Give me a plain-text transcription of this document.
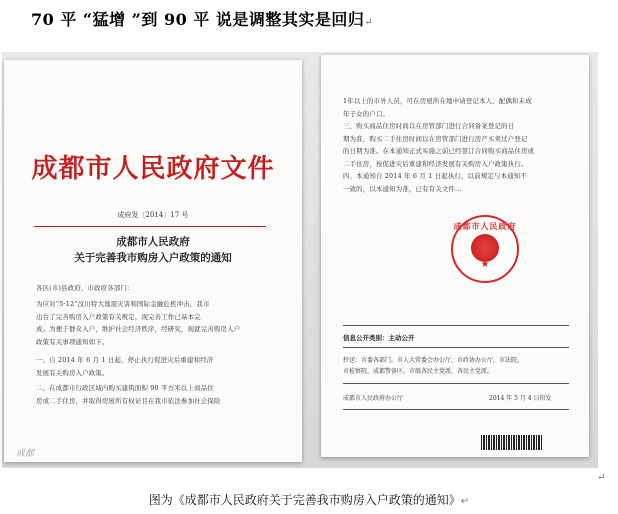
70 平 “猛增 ”到 90 平 说是调整其实是回归↵
成都市人民政府文件
成府发〔2014〕17 号
成都市人民政府
关于完善我市购房入户政策的通知
各区(市)县政府，市政府各部门：
为应对“5·12”汶川特大地震灾害和国际金融危机冲击，我市
出台了完善购房入户政策有关规定，现完善工作已基本完
成。为便于群众入户，维护社会经济秩序，经研究，现就完善购房入户
政策有关事项通知如下。
一、自 2014 年 6 月 1 日起，停止执行促进灾后重建和经济
发展有关购房入户政策。
二、在成都市行政区域内购买建筑面积 90 平方米以上商品住
房或二手住房，并取得房屋所有权证且在我市依法参加社会保险
成都
1年以上的市外人员，可在房屋所在地申请登记本人、配偶和未成
年子女的户口。
三、购买商品住房时间以在房管部门进行合同备案登记的日
期为准，购买二手住房时间以在房管部门进行房产买卖过户登记
的日期为准。在本通知正式实施之前已经签订合同购买商品住房或
二手住房，按促进灾后重建和经济发展有关购房入户政策执行。
四、本通知自 2014 年 6 月 1 日起执行，以前规定与本通知不
一致的，以本通知为准，已有有关文件...
成都市人民政府
★
信息公开类别：主动公开
抄送：市委各部门，市人大常委会办公厅，市政协办公厅，市法院，
市检察院，成都警备区，市级各民主党派，各民主党派。
成都市人民政府办公厅	2014 年 5 月 4 日印发
↵
图为《成都市人民政府关于完善我市购房入户政策的通知》↵
